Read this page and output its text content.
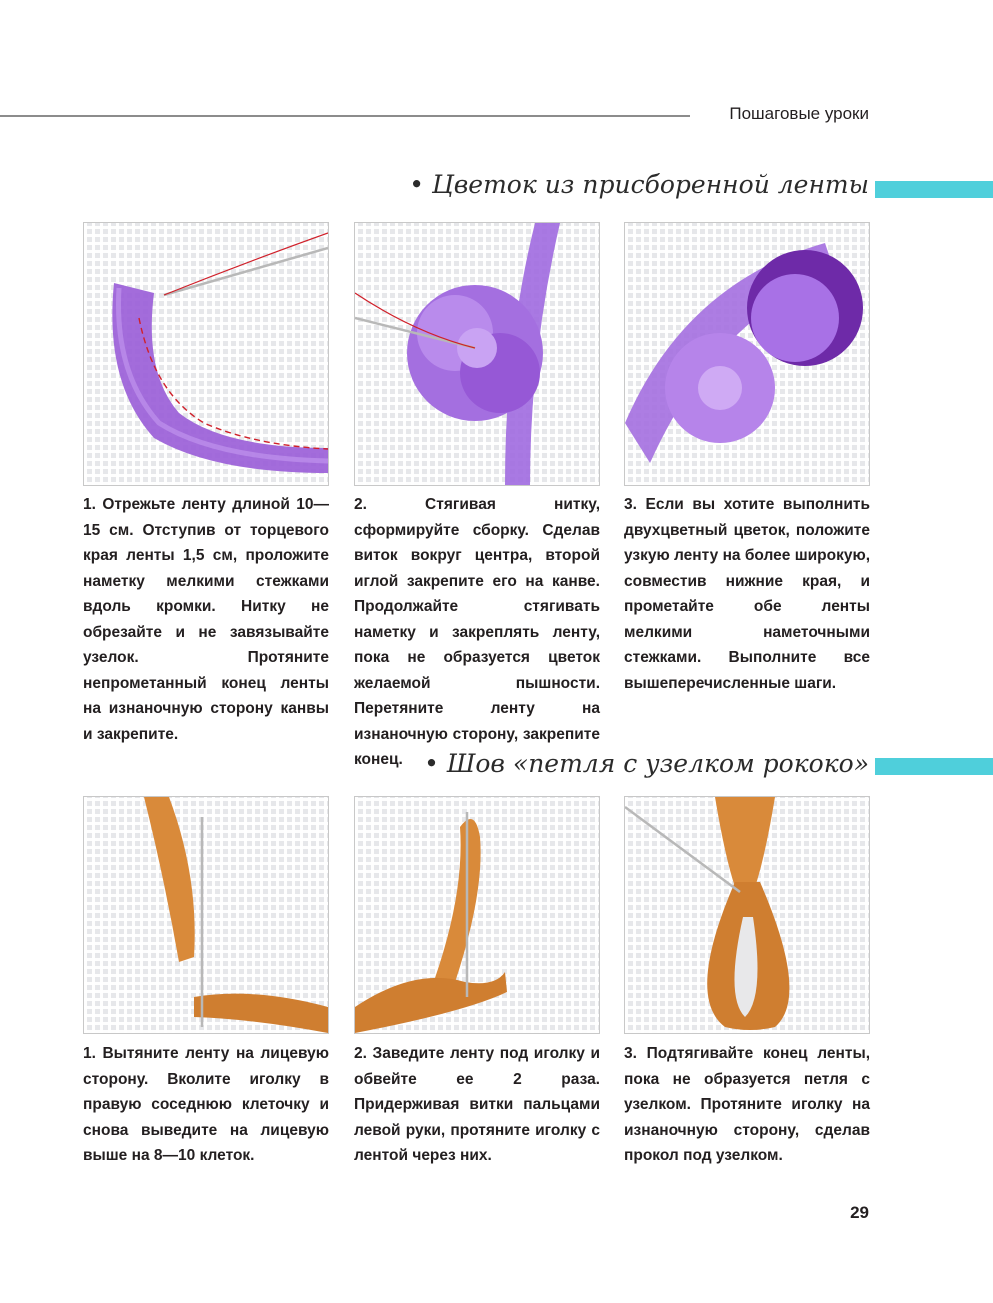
Пошаговые уроки
• Цветок из присборенной ленты
1. Отрежьте ленту длиной 10—15 см. Отступив от торцевого края ленты 1,5 см, проложите наметку мелкими стежками вдоль кромки. Нитку не обрезайте и не завязывайте узелок. Протяните непрометанный конец ленты на изнаночную сторону канвы и закрепите.
2. Стягивая нитку, сформируйте сборку. Сделав виток вокруг центра, второй иглой закрепите его на канве. Продолжайте стягивать наметку и закреплять ленту, пока не образуется цветок желаемой пышности. Перетяните ленту на изнаночную сторону, закрепите конец.
3. Если вы хотите выполнить двухцветный цветок, положите узкую ленту на более широкую, совместив нижние края, и прометайте обе ленты мелкими наметочными стежками. Выполните все вышеперечисленные шаги.
• Шов «петля с узелком рококо»
1. Вытяните ленту на лицевую сторону. Вколите иголку в правую соседнюю клеточку и снова выведите на лицевую выше на 8—10 клеток.
2. Заведите ленту под иголку и обвейте ее 2 раза. Придерживая витки пальцами левой руки, протяните иголку с лентой через них.
3. Подтягивайте конец ленты, пока не образуется петля с узелком. Протяните иголку на изнаночную сторону, сделав прокол под узелком.
29
